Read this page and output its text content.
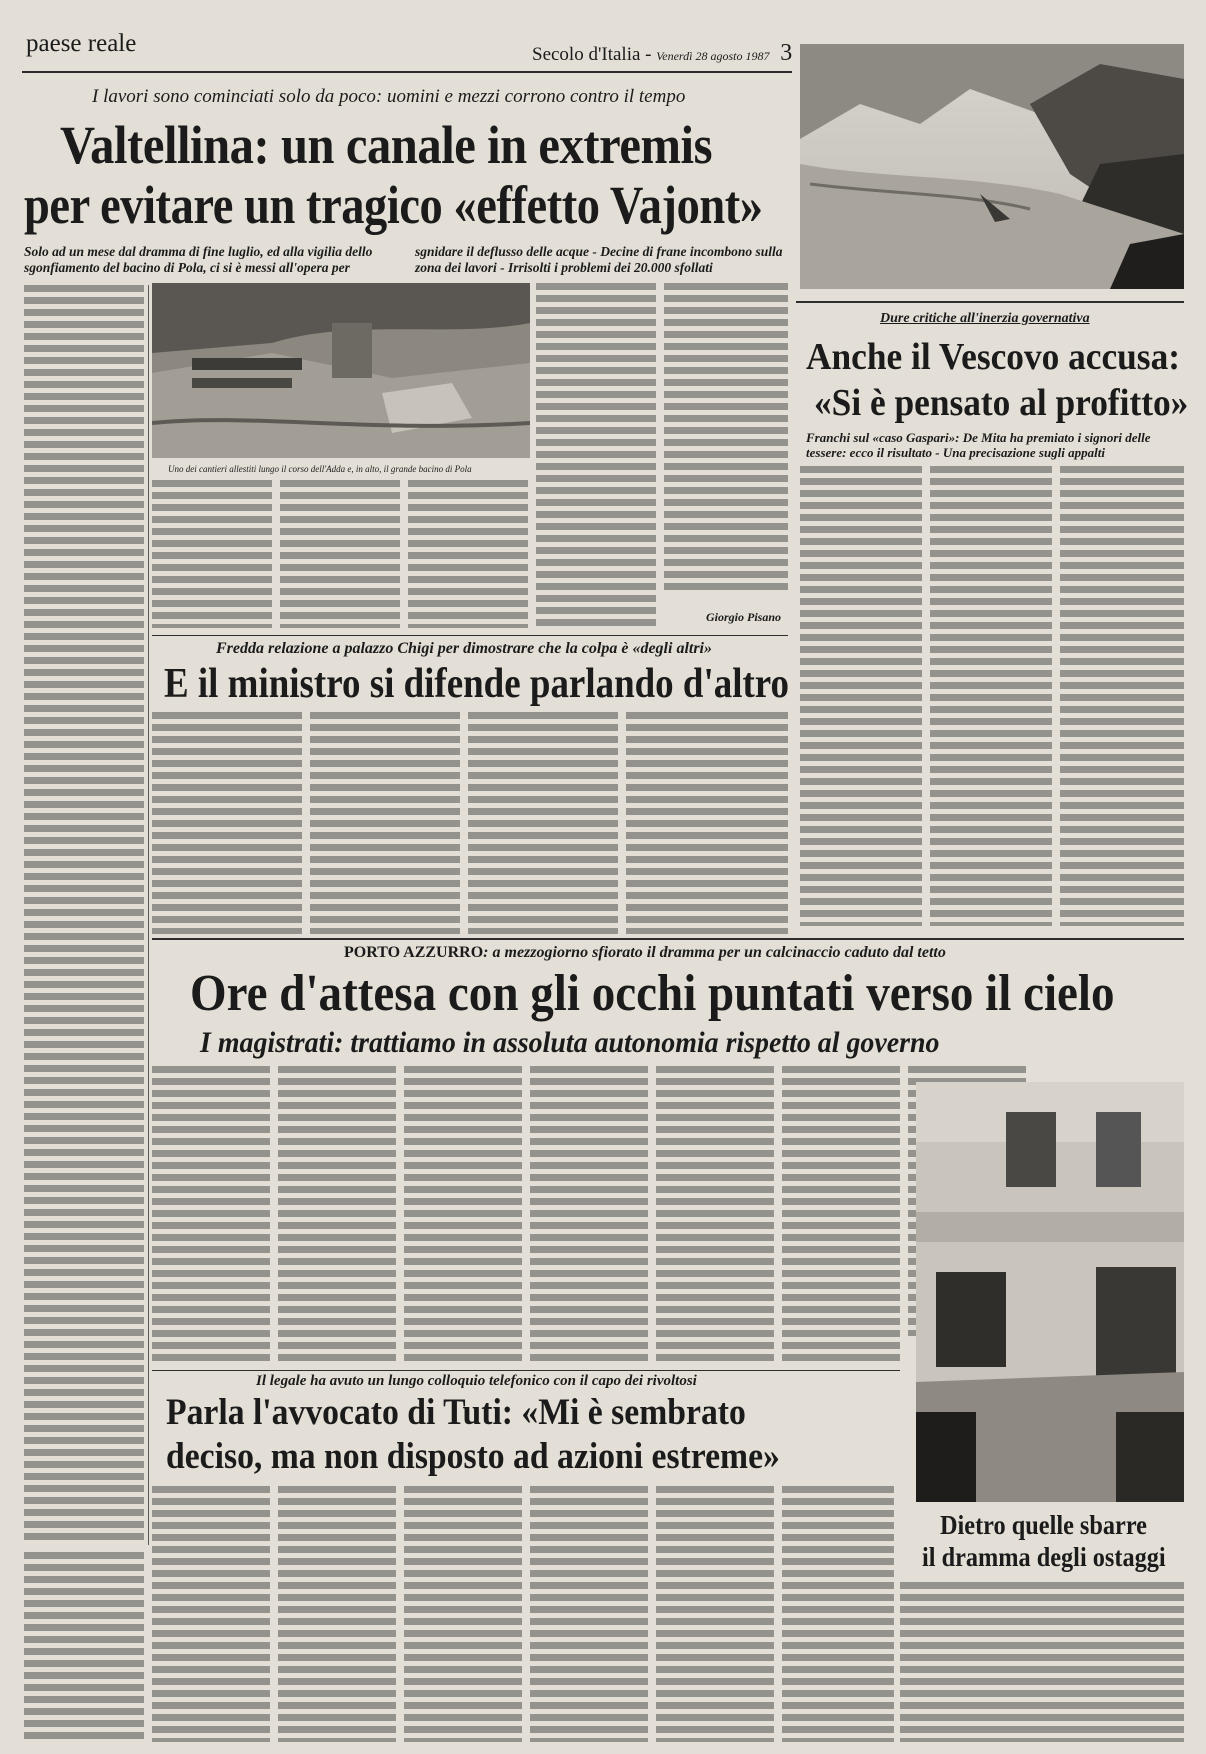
paese reale	Secolo d'Italia - Venerdì 28 agosto 1987 3
I lavori sono cominciati solo da poco: uomini e mezzi corrono contro il tempo
Valtellina: un canale in extremis
per evitare un tragico «effetto Vajont»
Solo ad un mese dal dramma di fine luglio, ed alla vigilia dello sgonfiamento del bacino di Pola, ci si è messi all'opera per sgnidare il deflusso delle acque - Decine di frane incombono sulla zona dei lavori - Irrisolti i problemi dei 20.000 sfollati
Uno dei cantieri allestiti lungo il corso dell'Adda e, in alto, il grande bacino di Pola
Giorgio Pisano
Dure critiche all'inerzia governativa
Anche il Vescovo accusa:
«Si è pensato al profitto»
Franchi sul «caso Gaspari»: De Mita ha premiato i signori delle tessere: ecco il risultato - Una precisazione sugli appalti
Fredda relazione a palazzo Chigi per dimostrare che la colpa è «degli altri»
E il ministro si difende parlando d'altro
PORTO AZZURRO: a mezzogiorno sfiorato il dramma per un calcinaccio caduto dal tetto
Ore d'attesa con gli occhi puntati verso il cielo
I magistrati: trattiamo in assoluta autonomia rispetto al governo
Dietro quelle sbarre
il dramma degli ostaggi
Il legale ha avuto un lungo colloquio telefonico con il capo dei rivoltosi
Parla l'avvocato di Tuti: «Mi è sembrato
deciso, ma non disposto ad azioni estreme»
